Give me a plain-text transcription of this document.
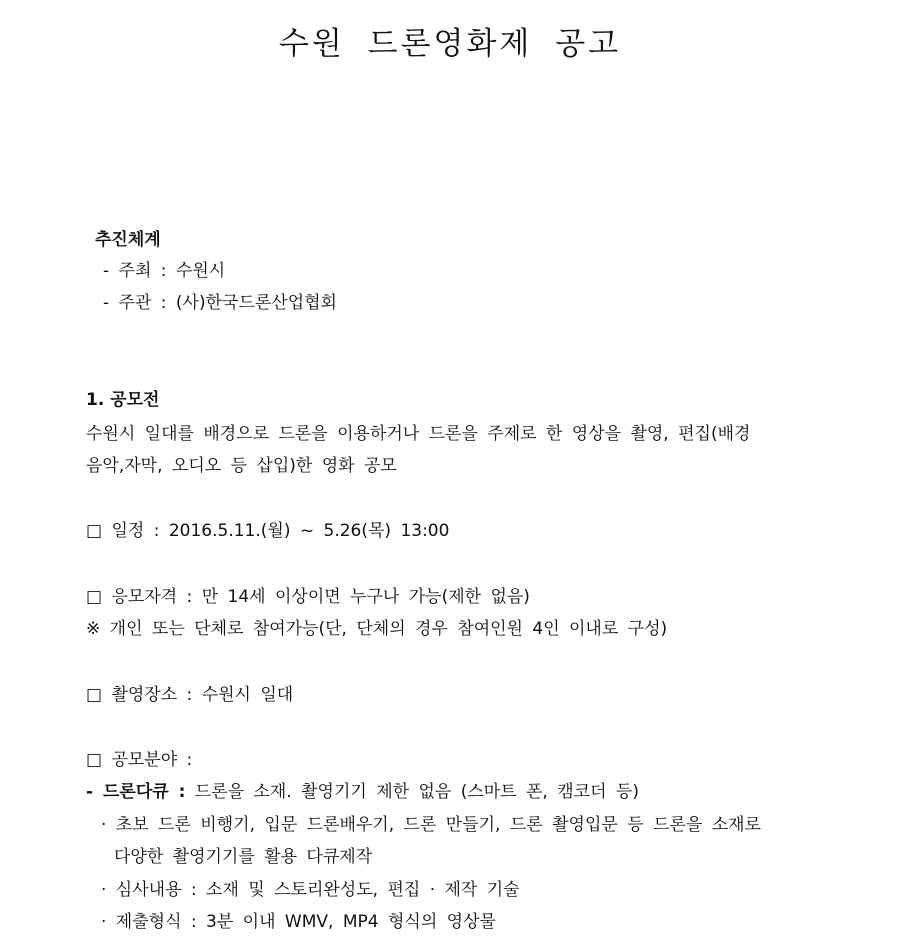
수원 드론영화제 공고
추진체계
- 주최 : 수원시
- 주관 : (사)한국드론산업협회
1. 공모전
수원시 일대를 배경으로 드론을 이용하거나 드론을 주제로 한 영상을 촬영, 편집(배경
음악,자막, 오디오 등 삽입)한 영화 공모
□ 일정 : 2016.5.11.(월) ~ 5.26(목) 13:00
□ 응모자격 : 만 14세 이상이면 누구나 가능(제한 없음)
※ 개인 또는 단체로 참여가능(단, 단체의 경우 참여인원 4인 이내로 구성)
□ 촬영장소 : 수원시 일대
□ 공모분야 :
- 드론다큐 : 드론을 소재. 촬영기기 제한 없음 (스마트 폰, 캠코더 등)
· 초보 드론 비행기, 입문 드론배우기, 드론 만들기, 드론 촬영입문 등 드론을 소재로
다양한 촬영기기를 활용 다큐제작
· 심사내용 : 소재 및 스토리완성도, 편집 · 제작 기술
· 제출형식 : 3분 이내 WMV, MP4 형식의 영상물
